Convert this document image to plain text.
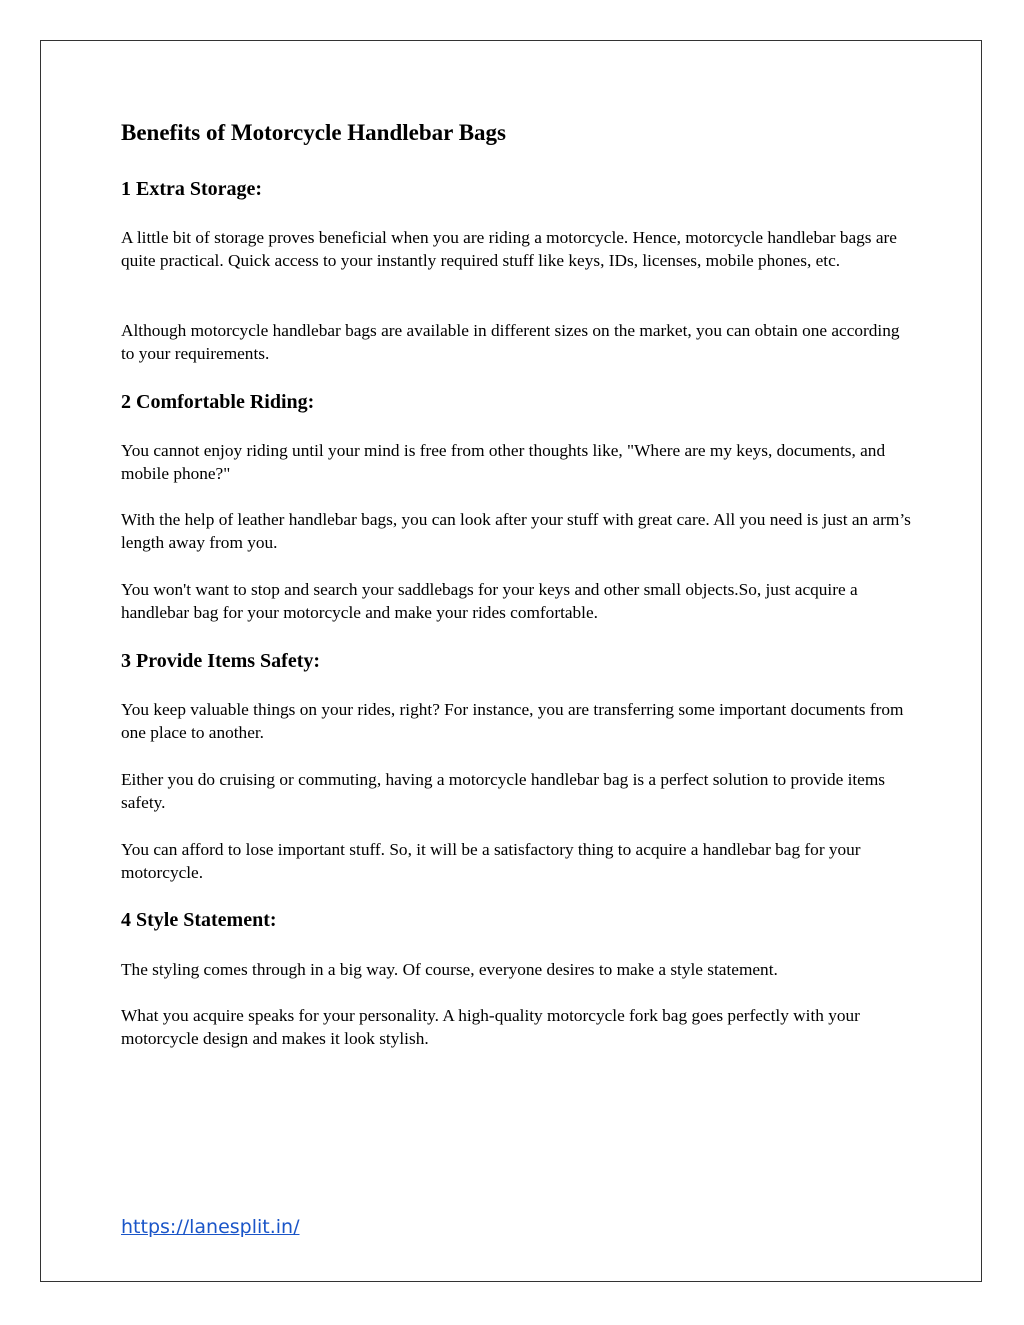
Benefits of Motorcycle Handlebar Bags
1 Extra Storage:

A little bit of storage proves beneficial when you are riding a motorcycle. Hence, motorcycle handlebar bags are quite practical. Quick access to your instantly required stuff like keys, IDs, licenses, mobile phones, etc.

Although motorcycle handlebar bags are available in different sizes on the market, you can obtain one according to your requirements.

2 Comfortable Riding:

You cannot enjoy riding until your mind is free from other thoughts like, "Where are my keys, documents, and mobile phone?"

With the help of leather handlebar bags, you can look after your stuff with great care. All you need is just an arm’s length away from you.

You won't want to stop and search your saddlebags for your keys and other small objects.So, just acquire a handlebar bag for your motorcycle and make your rides comfortable.

3 Provide Items Safety:

You keep valuable things on your rides, right? For instance, you are transferring some important documents from one place to another.

Either you do cruising or commuting, having a motorcycle handlebar bag is a perfect solution to provide items safety.

You can afford to lose important stuff. So, it will be a satisfactory thing to acquire a handlebar bag for your motorcycle.

4 Style Statement:

The styling comes through in a big way. Of course, everyone desires to make a style statement.

What you acquire speaks for your personality. A high-quality motorcycle fork bag goes perfectly with your motorcycle design and makes it look stylish.

https://lanesplit.in/
